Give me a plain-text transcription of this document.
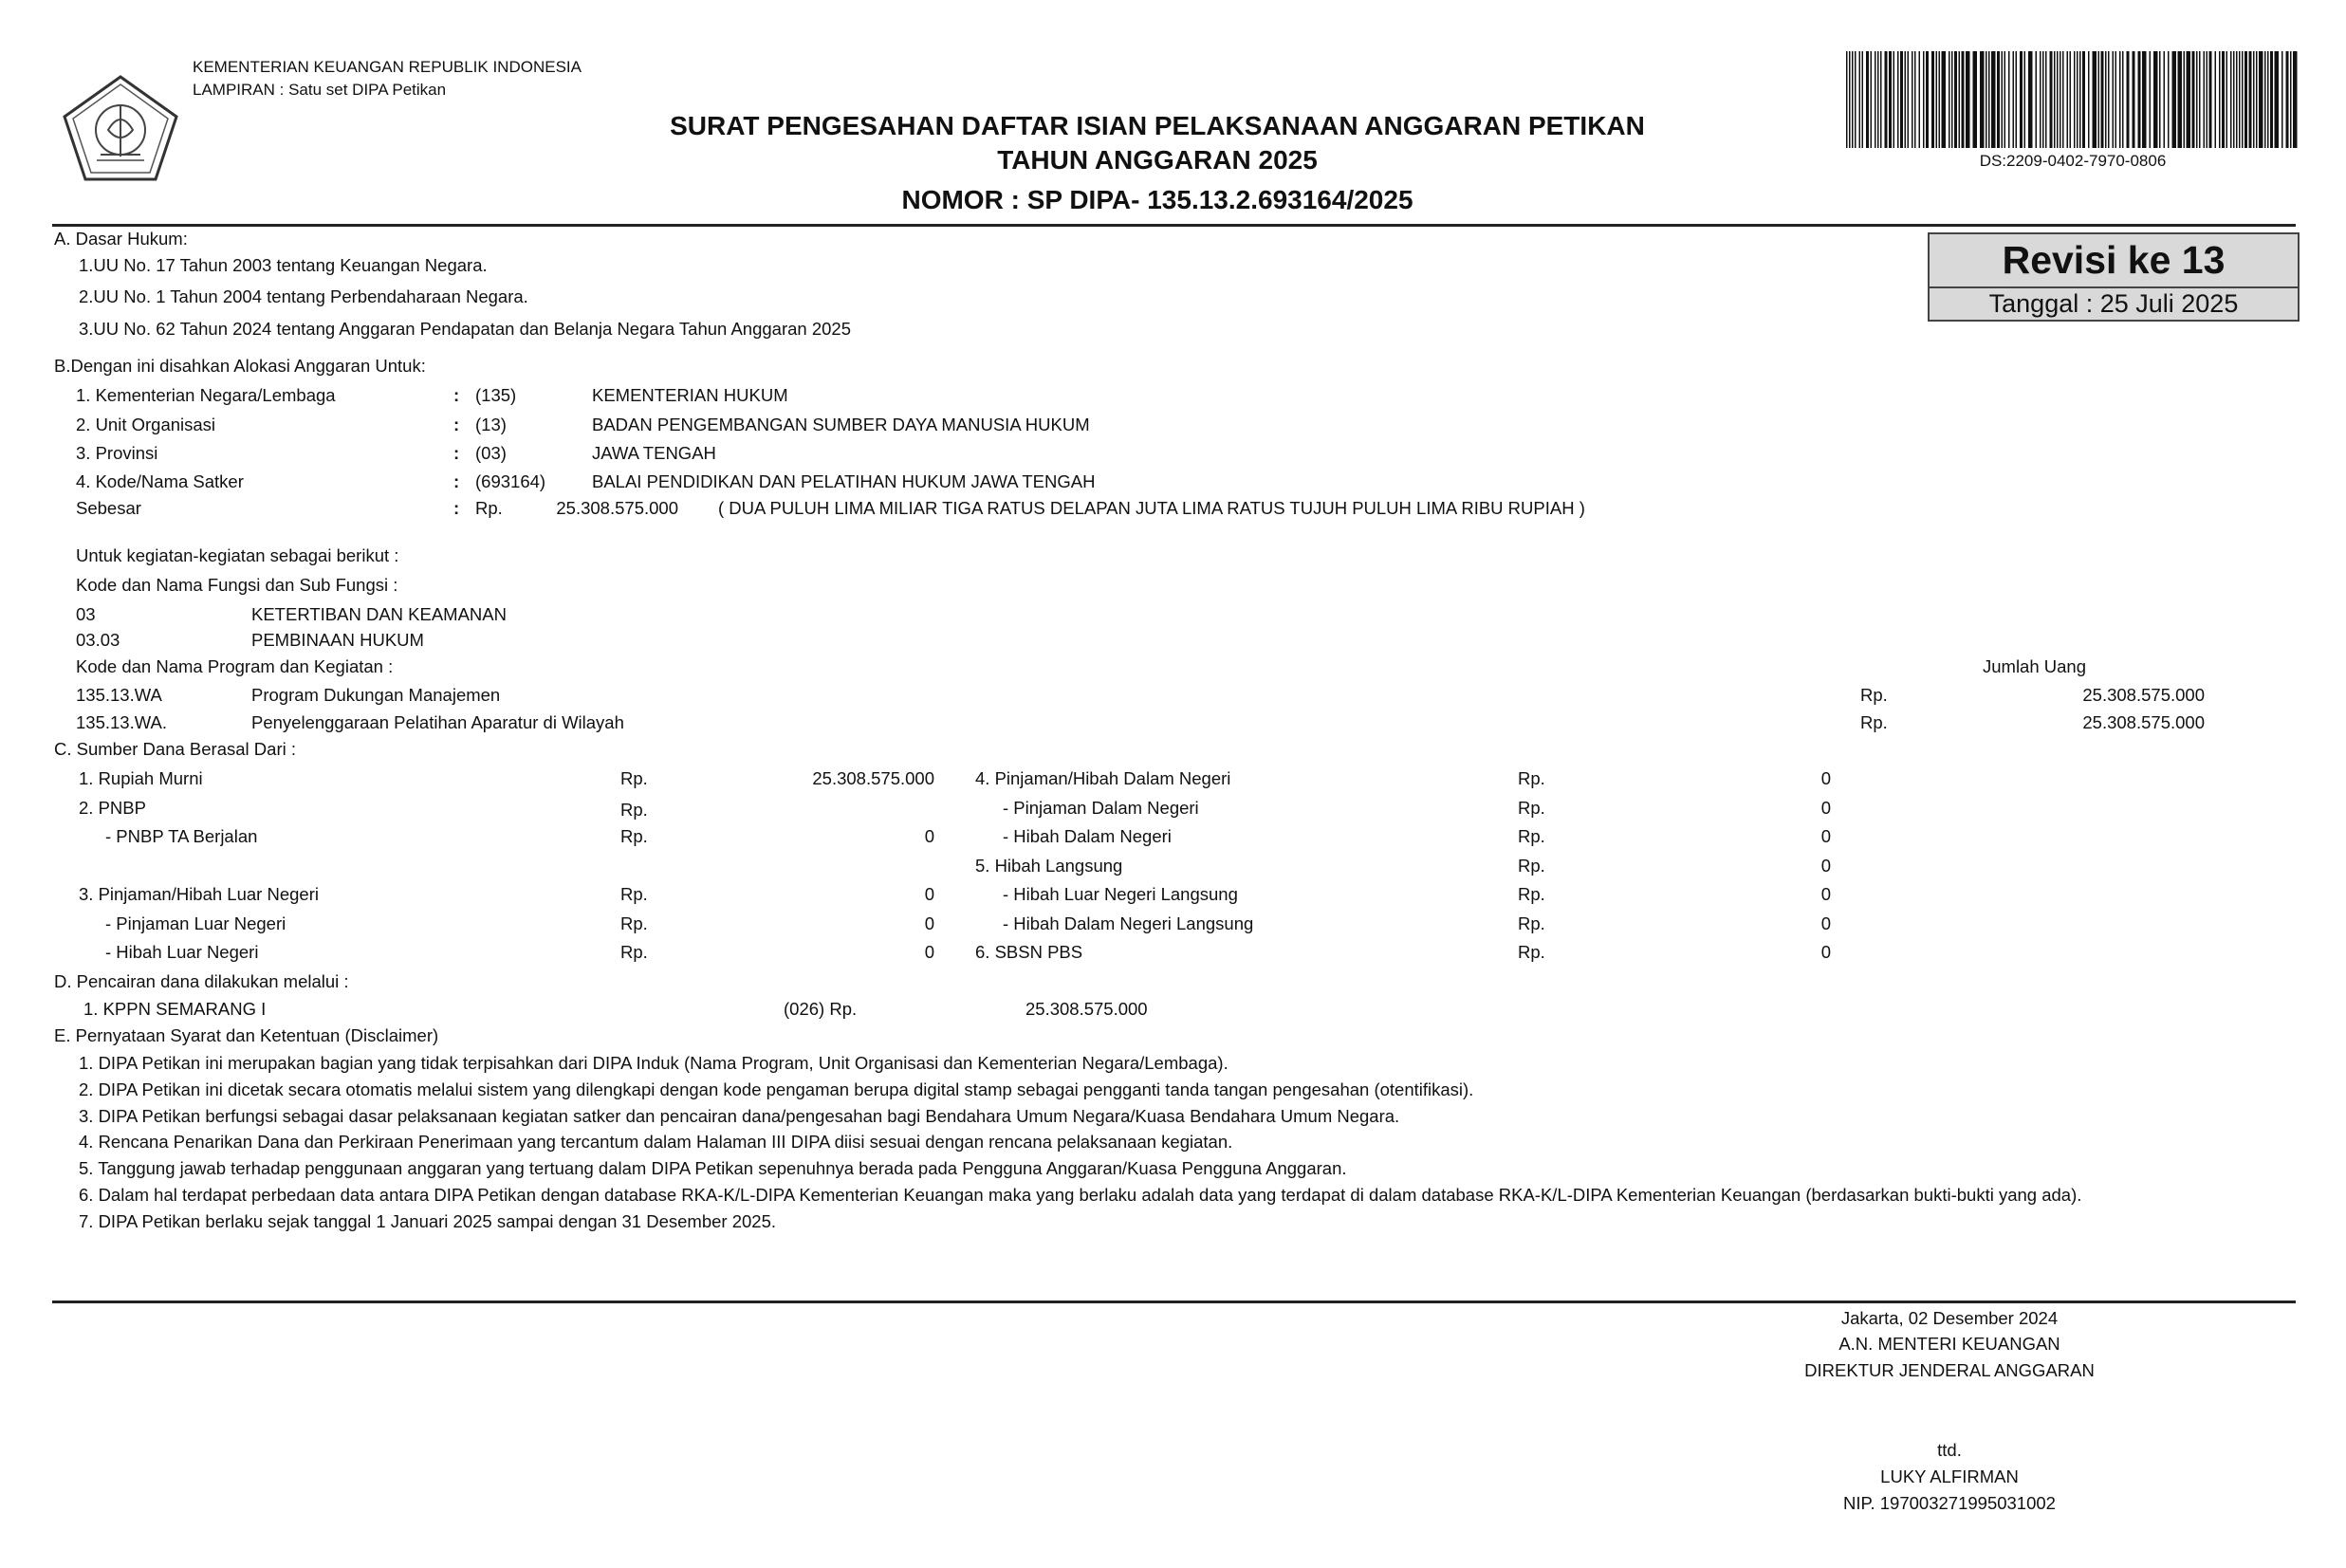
KEMENTERIAN KEUANGAN REPUBLIK INDONESIA
LAMPIRAN : Satu set DIPA Petikan
SURAT PENGESAHAN DAFTAR ISIAN PELAKSANAAN ANGGARAN PETIKAN
TAHUN ANGGARAN 2025
NOMOR : SP DIPA- 135.13.2.693164/2025
DS:2209-0402-7970-0806
Revisi ke 13
Tanggal : 25 Juli 2025
A. Dasar Hukum:
1.UU No. 17 Tahun 2003 tentang Keuangan Negara.
2.UU No. 1 Tahun 2004 tentang Perbendaharaan Negara.
3.UU No. 62 Tahun 2024 tentang Anggaran Pendapatan dan Belanja Negara Tahun Anggaran 2025
B.Dengan ini disahkan Alokasi Anggaran Untuk:
1. Kementerian Negara/Lembaga	: (135)	KEMENTERIAN HUKUM
2. Unit Organisasi	: (13)	BADAN PENGEMBANGAN SUMBER DAYA MANUSIA HUKUM
3. Provinsi	: (03)	JAWA TENGAH
4. Kode/Nama Satker	: (693164)	BALAI PENDIDIKAN DAN PELATIHAN HUKUM JAWA TENGAH
Sebesar	: Rp.	25.308.575.000 ( DUA PULUH LIMA MILIAR TIGA RATUS DELAPAN JUTA LIMA RATUS TUJUH PULUH LIMA RIBU RUPIAH )
Untuk kegiatan-kegiatan sebagai berikut :
Kode dan Nama Fungsi dan Sub Fungsi :
03	KETERTIBAN DAN KEAMANAN
03.03	PEMBINAAN HUKUM
Kode dan Nama Program dan Kegiatan :	Jumlah Uang
135.13.WA	Program Dukungan Manajemen	Rp.	25.308.575.000
135.13.WA.	Penyelenggaraan Pelatihan Aparatur di Wilayah	Rp.	25.308.575.000
C. Sumber Dana Berasal Dari :
1. Rupiah Murni	Rp.	25.308.575.000
2. PNBP	Rp.
- PNBP TA Berjalan	Rp.	0
3. Pinjaman/Hibah Luar Negeri	Rp.	0
- Pinjaman Luar Negeri	Rp.	0
- Hibah Luar Negeri	Rp.	0
4. Pinjaman/Hibah Dalam Negeri	Rp.	0
- Pinjaman Dalam Negeri	Rp.	0
- Hibah Dalam Negeri	Rp.	0
5. Hibah Langsung	Rp.	0
- Hibah Luar Negeri Langsung	Rp.	0
- Hibah Dalam Negeri Langsung	Rp.	0
6. SBSN PBS	Rp.	0
D. Pencairan dana dilakukan melalui :
1. KPPN SEMARANG I	(026) Rp.	25.308.575.000
E. Pernyataan Syarat dan Ketentuan (Disclaimer)
1. DIPA Petikan ini merupakan bagian yang tidak terpisahkan dari DIPA Induk (Nama Program, Unit Organisasi dan Kementerian Negara/Lembaga).
2. DIPA Petikan ini dicetak secara otomatis melalui sistem yang dilengkapi dengan kode pengaman berupa digital stamp sebagai pengganti tanda tangan pengesahan (otentifikasi).
3. DIPA Petikan berfungsi sebagai dasar pelaksanaan kegiatan satker dan pencairan dana/pengesahan bagi Bendahara Umum Negara/Kuasa Bendahara Umum Negara.
4. Rencana Penarikan Dana dan Perkiraan Penerimaan yang tercantum dalam Halaman III DIPA diisi sesuai dengan rencana pelaksanaan kegiatan.
5. Tanggung jawab terhadap penggunaan anggaran yang tertuang dalam DIPA Petikan sepenuhnya berada pada Pengguna Anggaran/Kuasa Pengguna Anggaran.
6. Dalam hal terdapat perbedaan data antara DIPA Petikan dengan database RKA-K/L-DIPA Kementerian Keuangan maka yang berlaku adalah data yang terdapat di dalam database RKA-K/L-DIPA Kementerian Keuangan (berdasarkan bukti-bukti yang ada).
7. DIPA Petikan berlaku sejak tanggal 1 Januari 2025 sampai dengan 31 Desember 2025.
Jakarta, 02 Desember 2024
A.N. MENTERI KEUANGAN
DIREKTUR JENDERAL ANGGARAN
ttd.
LUKY ALFIRMAN
NIP. 197003271995031002
